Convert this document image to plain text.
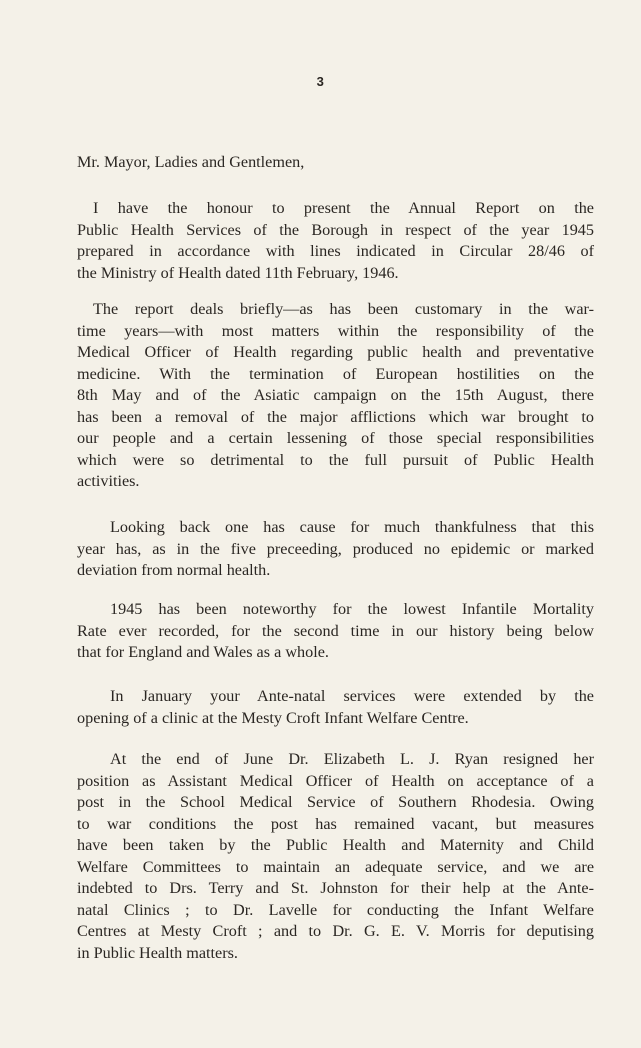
3
Mr. Mayor, Ladies and Gentlemen,
I have the honour to present the Annual Report on the
Public Health Services of the Borough in respect of the year 1945
prepared in accordance with lines indicated in Circular 28/46 of
the Ministry of Health dated 11th February, 1946.
The report deals briefly—as has been customary in the war-
time years—with most matters within the responsibility of the
Medical Officer of Health regarding public health and preventative
medicine. With the termination of European hostilities on the
8th May and of the Asiatic campaign on the 15th August, there
has been a removal of the major afflictions which war brought to
our people and a certain lessening of those special responsibilities
which were so detrimental to the full pursuit of Public Health
activities.
Looking back one has cause for much thankfulness that this
year has, as in the five preceeding, produced no epidemic or marked
deviation from normal health.
1945 has been noteworthy for the lowest Infantile Mortality
Rate ever recorded, for the second time in our history being below
that for England and Wales as a whole.
In January your Ante-natal services were extended by the
opening of a clinic at the Mesty Croft Infant Welfare Centre.
At the end of June Dr. Elizabeth L. J. Ryan resigned her
position as Assistant Medical Officer of Health on acceptance of a
post in the School Medical Service of Southern Rhodesia. Owing
to war conditions the post has remained vacant, but measures
have been taken by the Public Health and Maternity and Child
Welfare Committees to maintain an adequate service, and we are
indebted to Drs. Terry and St. Johnston for their help at the Ante-
natal Clinics ; to Dr. Lavelle for conducting the Infant Welfare
Centres at Mesty Croft ; and to Dr. G. E. V. Morris for deputising
in Public Health matters.
